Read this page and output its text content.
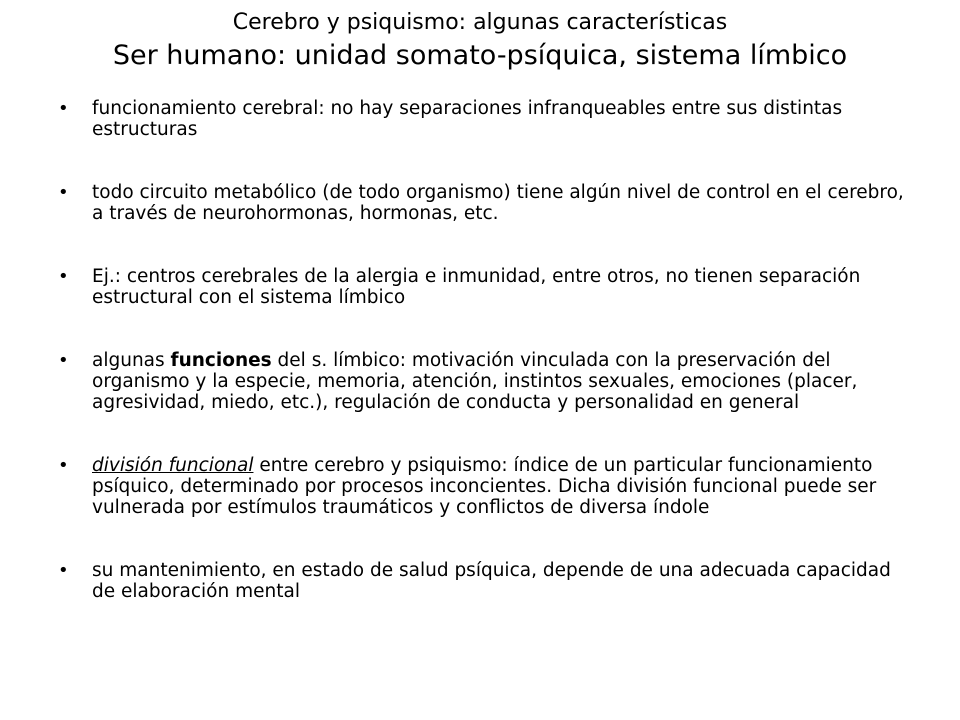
Cerebro y psiquismo: algunas características

Ser humano: unidad somato-psíquica, sistema límbico

• funcionamiento cerebral: no hay separaciones infranqueables entre sus distintas estructuras
• todo circuito metabólico (de todo organismo) tiene algún nivel de control en el cerebro, a través de neurohormonas, hormonas, etc.
• Ej.: centros cerebrales de la alergia e inmunidad, entre otros, no tienen separación estructural con el sistema límbico
• algunas funciones del s. límbico: motivación vinculada con la preservación del organismo y la especie, memoria, atención, instintos sexuales, emociones (placer, agresividad, miedo, etc.), regulación de conducta y personalidad en general
• división funcional entre cerebro y psiquismo: índice de un particular funcionamiento psíquico, determinado por procesos inconcientes. Dicha división funcional puede ser vulnerada por estímulos traumáticos y conflictos de diversa índole
• su mantenimiento, en estado de salud psíquica, depende de una adecuada capacidad de elaboración mental
